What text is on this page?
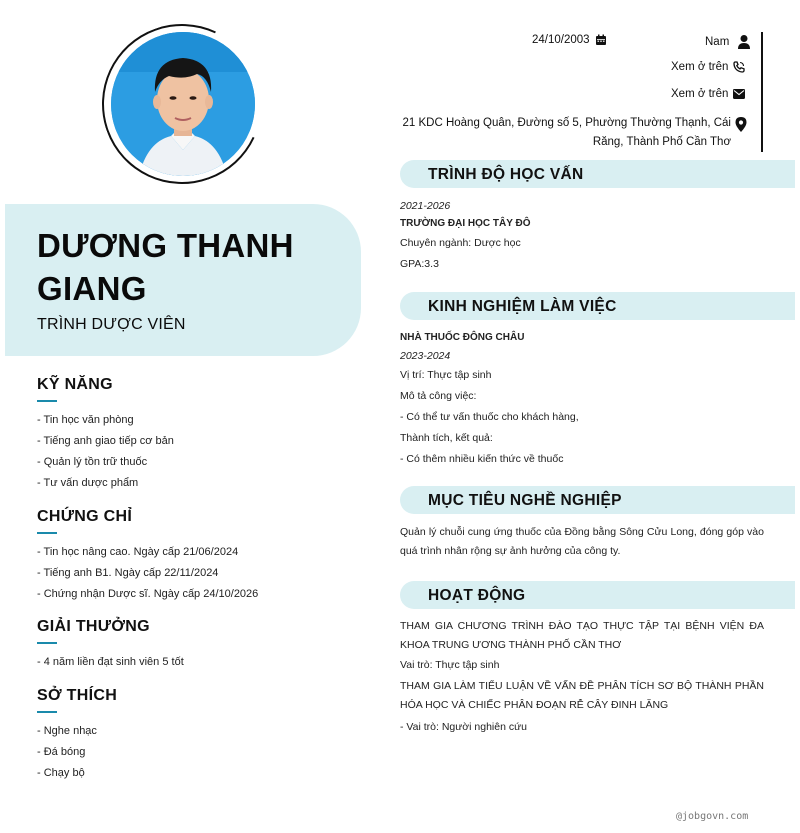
DƯƠNG THANH GIANG
TRÌNH DƯỢC VIÊN
KỸ NĂNG
- Tin học văn phòng
- Tiếng anh giao tiếp cơ bản
- Quản lý tồn trữ thuốc
- Tư vấn dược phẩm
CHỨNG CHỈ
- Tin học nâng cao. Ngày cấp 21/06/2024
- Tiếng anh B1. Ngày cấp 22/11/2024
- Chứng nhận Dược sĩ. Ngày cấp 24/10/2026
GIẢI THƯỞNG
- 4 năm liền đạt sinh viên 5 tốt
SỞ THÍCH
- Nghe nhạc
- Đá bóng
- Chạy bộ
24/10/2003	Nam
Xem ở trên
Xem ở trên
21 KDC Hoàng Quân, Đường số 5, Phường Thường Thạnh, Cái Răng, Thành Phố Cần Thơ
TRÌNH ĐỘ HỌC VẤN
2021-2026
TRƯỜNG ĐẠI HỌC TÂY ĐÔ
Chuyên ngành: Dược học
GPA:3.3
KINH NGHIỆM LÀM VIỆC
NHÀ THUỐC ĐÔNG CHÂU
2023-2024
Vị trí: Thực tập sinh
Mô tả công việc:
- Có thể tư vấn thuốc cho khách hàng,
Thành tích, kết quả:
- Có thêm nhiều kiến thức về thuốc
MỤC TIÊU NGHỀ NGHIỆP
Quản lý chuỗi cung ứng thuốc của Đồng bằng Sông Cửu Long, đóng góp vào quá trình nhân rộng sự ảnh hưởng của công ty.
HOẠT ĐỘNG
THAM GIA CHƯƠNG TRÌNH ĐÀO TẠO THỰC TẬP TẠI BỆNH VIỆN ĐA KHOA TRUNG ƯƠNG THÀNH PHỐ CẦN THƠ
Vai trò: Thực tập sinh
THAM GIA LÀM TIỂU LUẬN VỀ VẤN ĐỀ PHÂN TÍCH SƠ BỘ THÀNH PHẦN HÓA HỌC VÀ CHIẾC PHÂN ĐOẠN RỄ CÂY ĐINH LĂNG
- Vai trò: Người nghiên cứu
@jobgovn.com
